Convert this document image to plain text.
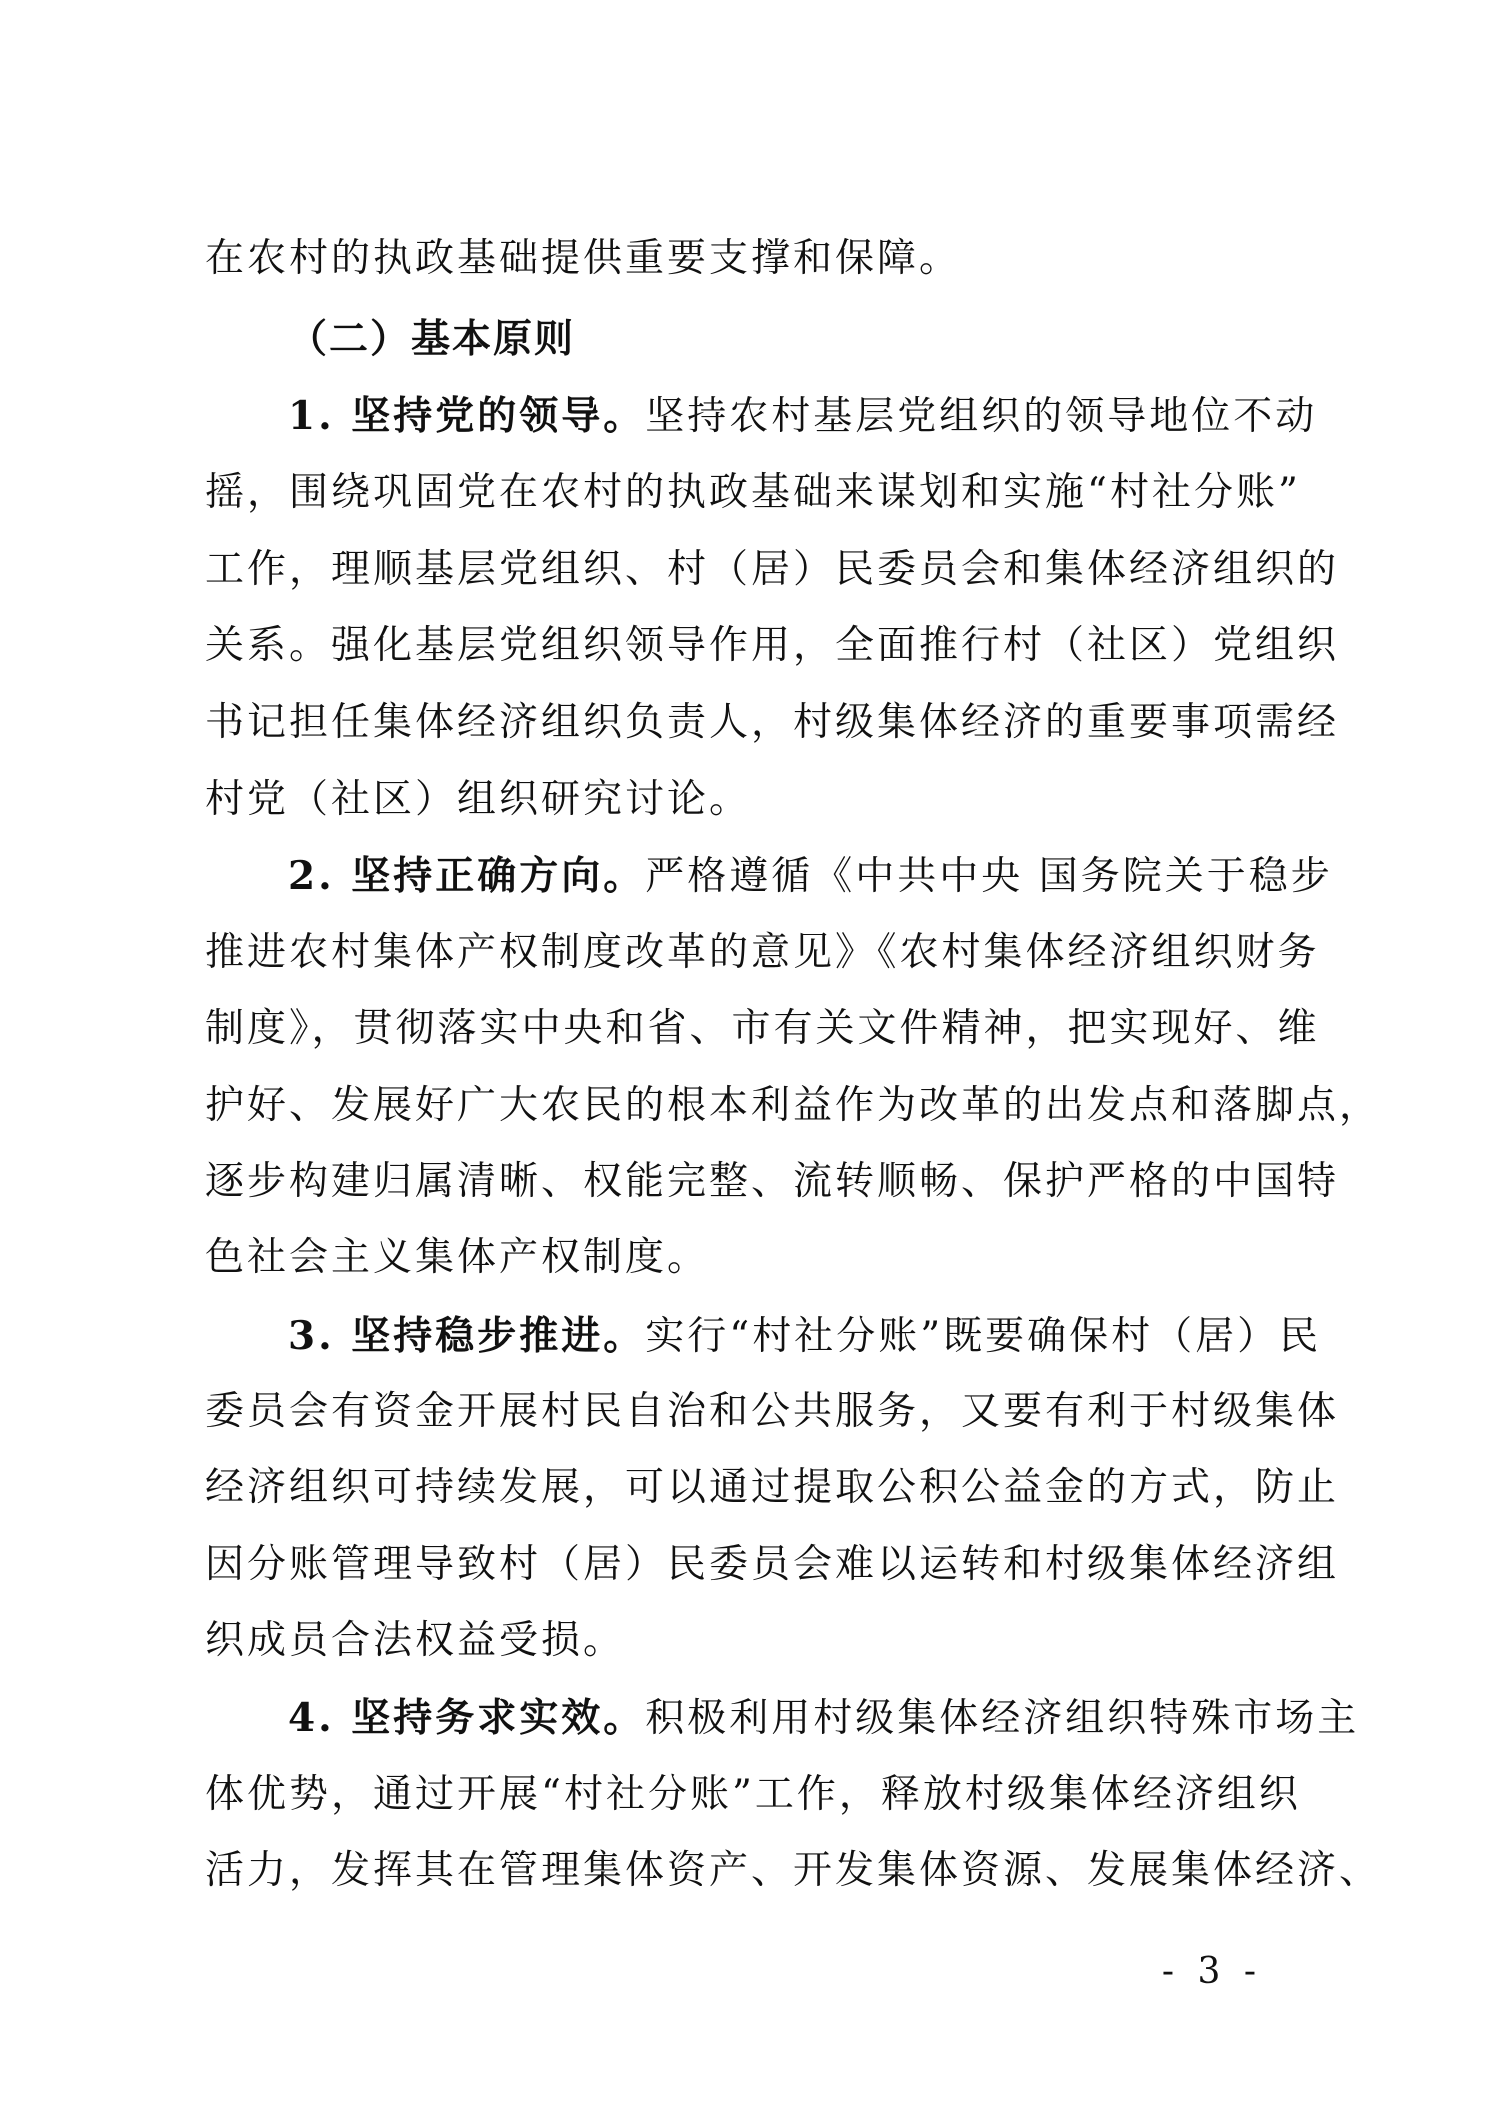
在农村的执政基础提供重要支撑和保障。
（二）基本原则
1. 坚持党的领导。坚持农村基层党组织的领导地位不动
摇，围绕巩固党在农村的执政基础来谋划和实施“村社分账”
工作，理顺基层党组织、村（居）民委员会和集体经济组织的
关系。强化基层党组织领导作用，全面推行村（社区）党组织
书记担任集体经济组织负责人，村级集体经济的重要事项需经
村党（社区）组织研究讨论。
2. 坚持正确方向。严格遵循《中共中央 国务院关于稳步
推进农村集体产权制度改革的意见》《农村集体经济组织财务
制度》，贯彻落实中央和省、市有关文件精神，把实现好、维
护好、发展好广大农民的根本利益作为改革的出发点和落脚点，
逐步构建归属清晰、权能完整、流转顺畅、保护严格的中国特
色社会主义集体产权制度。
3. 坚持稳步推进。实行“村社分账”既要确保村（居）民
委员会有资金开展村民自治和公共服务，又要有利于村级集体
经济组织可持续发展，可以通过提取公积公益金的方式，防止
因分账管理导致村（居）民委员会难以运转和村级集体经济组
织成员合法权益受损。
4. 坚持务求实效。积极利用村级集体经济组织特殊市场主
体优势，通过开展“村社分账”工作，释放村级集体经济组织
活力，发挥其在管理集体资产、开发集体资源、发展集体经济、
- 3 -
